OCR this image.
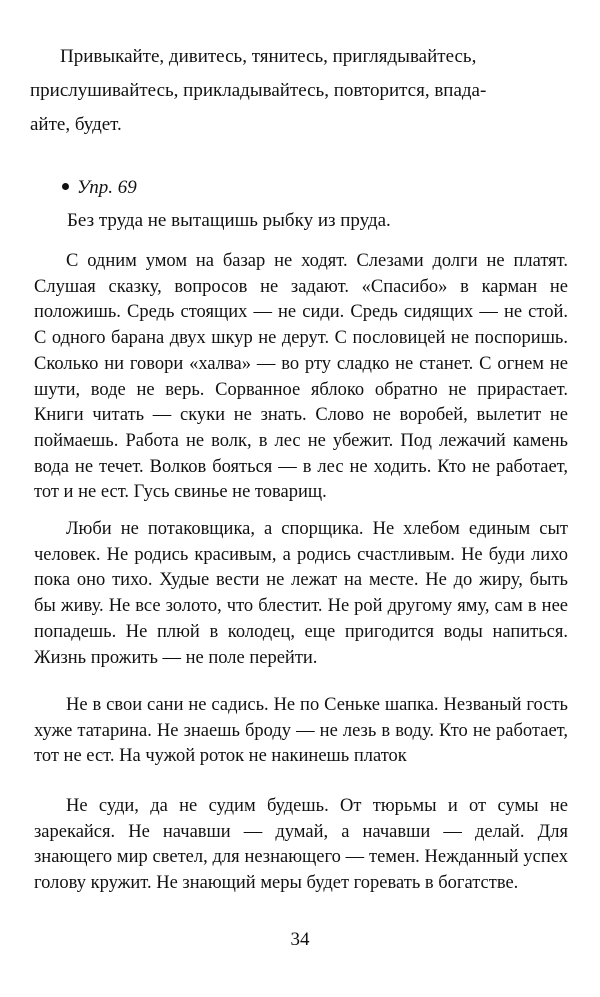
Привыкайте, дивитесь, тянитесь, приглядывайтесь,
прислушивайтесь, прикладывайтесь, повторится, впада-
айте, будет.
Упр. 69
Без труда не вытащишь рыбку из пруда.

С одним умом на базар не ходят. Слезами долги не платят. Слушая сказку, вопросов не задают. «Спасибо» в карман не положишь. Средь стоящих — не сиди. Средь сидящих — не стой. С одного барана двух шкур не дерут. С пословицей не поспоришь. Сколько ни говори «халва» — во рту сладко не станет. С огнем не шути, воде не верь. Сорванное яблоко обратно не прирастает. Книги читать — скуки не знать. Слово не воробей, вылетит не поймаешь. Работа не волк, в лес не убежит. Под лежачий камень вода не течет. Волков бояться — в лес не ходить. Кто не работает, тот и не ест. Гусь свинье не товарищ.

Люби не потаковщика, а спорщика. Не хлебом единым сыт человек. Не родись красивым, а родись счастливым. Не буди лихо пока оно тихо. Худые вести не лежат на месте. Не до жиру, быть бы живу. Не все золото, что блестит. Не рой другому яму, сам в нее попадешь. Не плюй в колодец, еще пригодится воды напиться. Жизнь прожить — не поле перейти.

Не в свои сани не садись. Не по Сеньке шапка. Незваный гость хуже татарина. Не знаешь броду — не лезь в воду. Кто не работает, тот не ест. На чужой роток не накинешь платок

Не суди, да не судим будешь. От тюрьмы и от сумы не зарекайся. Не начавши — думай, а начавши — делай. Для знающего мир светел, для незнающего — темен. Нежданный успех голову кружит. Не знающий меры будет горевать в богатстве.

34
